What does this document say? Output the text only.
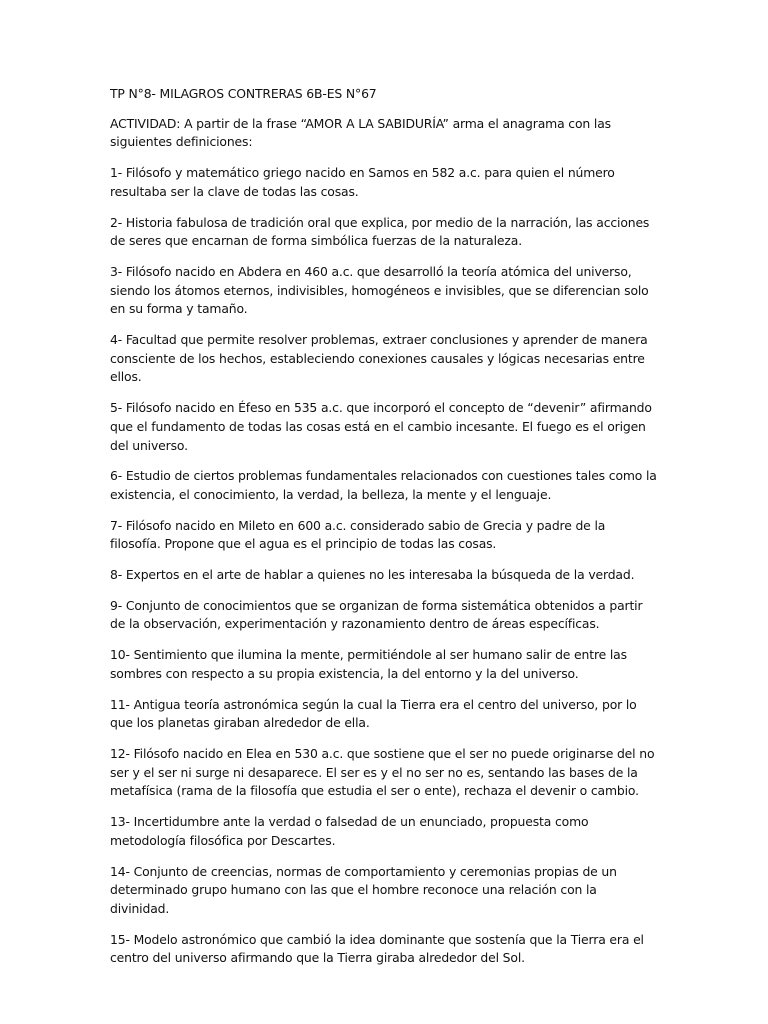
TP N°8- MILAGROS CONTRERAS 6B-ES N°67

ACTIVIDAD: A partir de la frase “AMOR A LA SABIDURÍA” arma el anagrama con las siguientes definiciones:

1- Filósofo y matemático griego nacido en Samos en 582 a.c. para quien el número resultaba ser la clave de todas las cosas.

2- Historia fabulosa de tradición oral que explica, por medio de la narración, las acciones de seres que encarnan de forma simbólica fuerzas de la naturaleza.

3- Filósofo nacido en Abdera en 460 a.c. que desarrolló la teoría atómica del universo, siendo los átomos eternos, indivisibles, homogéneos e invisibles, que se diferencian solo en su forma y tamaño.

4- Facultad que permite resolver problemas, extraer conclusiones y aprender de manera consciente de los hechos, estableciendo conexiones causales y lógicas necesarias entre ellos.

5- Filósofo nacido en Éfeso en 535 a.c. que incorporó el concepto de “devenir” afirmando que el fundamento de todas las cosas está en el cambio incesante. El fuego es el origen del universo.

6- Estudio de ciertos problemas fundamentales relacionados con cuestiones tales como la existencia, el conocimiento, la verdad, la belleza, la mente y el lenguaje.

7- Filósofo nacido en Mileto en 600 a.c. considerado sabio de Grecia y padre de la filosofía. Propone que el agua es el principio de todas las cosas.

8- Expertos en el arte de hablar a quienes no les interesaba la búsqueda de la verdad.

9- Conjunto de conocimientos que se organizan de forma sistemática obtenidos a partir de la observación, experimentación y razonamiento dentro de áreas específicas.

10- Sentimiento que ilumina la mente, permitiéndole al ser humano salir de entre las sombres con respecto a su propia existencia, la del entorno y la del universo.

11- Antigua teoría astronómica según la cual la Tierra era el centro del universo, por lo que los planetas giraban alrededor de ella.

12- Filósofo nacido en Elea en 530 a.c. que sostiene que el ser no puede originarse del no ser y el ser ni surge ni desaparece. El ser es y el no ser no es, sentando las bases de la metafísica (rama de la filosofía que estudia el ser o ente), rechaza el devenir o cambio.

13- Incertidumbre ante la verdad o falsedad de un enunciado, propuesta como metodología filosófica por Descartes.

14- Conjunto de creencias, normas de comportamiento y ceremonias propias de un determinado grupo humano con las que el hombre reconoce una relación con la divinidad.

15- Modelo astronómico que cambió la idea dominante que sostenía que la Tierra era el centro del universo afirmando que la Tierra giraba alrededor del Sol.
